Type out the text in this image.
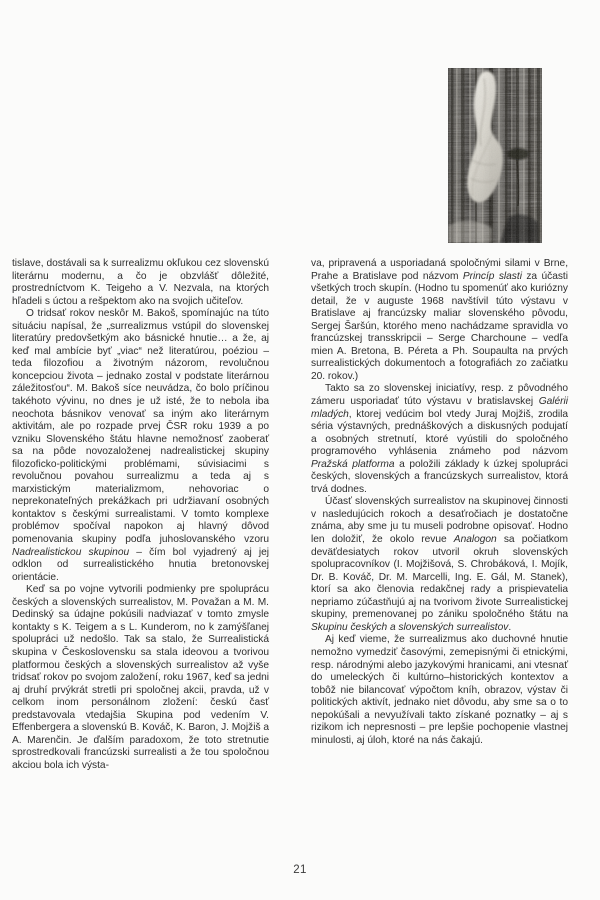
tislave, dostávali sa k surrealizmu okľukou cez slovenskú literárnu modernu, a čo je obzvlášť dôležité, prostredníctvom K. Teigeho a V. Nezvala, na ktorých hľadeli s úctou a rešpektom ako na svojich učiteľov.

O tridsať rokov neskôr M. Bakoš, spomínajúc na túto situáciu napísal, že „surrealizmus vstúpil do slovenskej literatúry predovšetkým ako básnické hnutie… a že, aj keď mal ambície byť „viac“ než literatúrou, poéziou – teda filozofiou a životným názorom, revolučnou koncepciou života – jednako zostal v podstate literárnou záležitosťou“. M. Bakoš síce neuvádza, čo bolo príčinou takéhoto vývinu, no dnes je už isté, že to nebola iba neochota básnikov venovať sa iným ako literárnym aktivitám, ale po rozpade prvej ČSR roku 1939 a po vzniku Slovenského štátu hlavne nemožnosť zaoberať sa na pôde novozaloženej nadrealistickej skupiny filozoficko-politickými problémami, súvisiacimi s revolučnou povahou surrealizmu a teda aj s marxistickým materializmom, nehovoriac o neprekonateľných prekážkach pri udržiavaní osobných kontaktov s českými surrealistami. V tomto komplexe problémov spočíval napokon aj hlavný dôvod pomenovania skupiny podľa juhoslovanského vzoru Nadrealistickou skupinou – čím bol vyjadrený aj jej odklon od surrealistického hnutia bretonovskej orientácie.

Keď sa po vojne vytvorili podmienky pre spoluprácu českých a slovenských surrealistov, M. Považan a M. M. Dedinský sa údajne pokúsili nadviazať v tomto zmysle kontakty s K. Teigem a s L. Kunderom, no k zamýšľanej spolupráci už nedošlo. Tak sa stalo, že Surrealistická skupina v Československu sa stala ideovou a tvorivou platformou českých a slovenských surrealistov až vyše tridsať rokov po svojom založení, roku 1967, keď sa jedni aj druhí prvýkrát stretli pri spoločnej akcii, pravda, už v celkom inom personálnom zložení: českú časť predstavovala vtedajšia Skupina pod vedením V. Effenbergera a slovenskú B. Kováč, K. Baron, J. Mojžiš a A. Marenčin. Je ďalším paradoxom, že toto stretnutie sprostredkovali francúzski surrealisti a že tou spoločnou akciou bola ich výsta-

va, pripravená a usporiadaná spoločnými silami v Brne, Prahe a Bratislave pod názvom Princíp slasti za účasti všetkých troch skupín. (Hodno tu spomenúť ako kuriózny detail, že v auguste 1968 navštívil túto výstavu v Bratislave aj francúzsky maliar slovenského pôvodu, Sergej Šaršún, ktorého meno nachádzame spravidla vo francúzskej transskripcii – Serge Charchoune – vedľa mien A. Bretona, B. Péreta a Ph. Soupaulta na prvých surrealistických dokumentoch a fotografiách zo začiatku 20. rokov.)

Takto sa zo slovenskej iniciatívy, resp. z pôvodného zámeru usporiadať túto výstavu v bratislavskej Galérii mladých, ktorej vedúcim bol vtedy Juraj Mojžiš, zrodila séria výstavných, prednáškových a diskusných podujatí a osobných stretnutí, ktoré vyústili do spoločného programového vyhlásenia známeho pod názvom Pražská platforma a položili základy k úzkej spolupráci českých, slovenských a francúzskych surrealistov, ktorá trvá dodnes.

Účasť slovenských surrealistov na skupinovej činnosti v nasledujúcich rokoch a desaťročiach je dostatočne známa, aby sme ju tu museli podrobne opisovať. Hodno len doložiť, že okolo revue Analogon sa počiatkom deväťdesiatych rokov utvoril okruh slovenských spolupracovníkov (I. Mojžišová, S. Chrobáková, I. Mojík, Dr. B. Kováč, Dr. M. Marcelli, Ing. E. Gál, M. Stanek), ktorí sa ako členovia redakčnej rady a prispievatelia nepriamo zúčastňujú aj na tvorivom živote Surrealistickej skupiny, premenovanej po zániku spoločného štátu na Skupinu českých a slovenských surrealistov.

Aj keď vieme, že surrealizmus ako duchovné hnutie nemožno vymedziť časovými, zemepisnými či etnickými, resp. národnými alebo jazykovými hranicami, ani vtesnať do umeleckých či kultúrno–historických kontextov a tobôž nie bilancovať výpočtom kníh, obrazov, výstav či politických aktivít, jednako niet dôvodu, aby sme sa o to nepokúšali a nevyužívali takto získané poznatky – aj s rizikom ich nepresnosti – pre lepšie pochopenie vlastnej minulosti, aj úloh, ktoré na nás čakajú.

21
